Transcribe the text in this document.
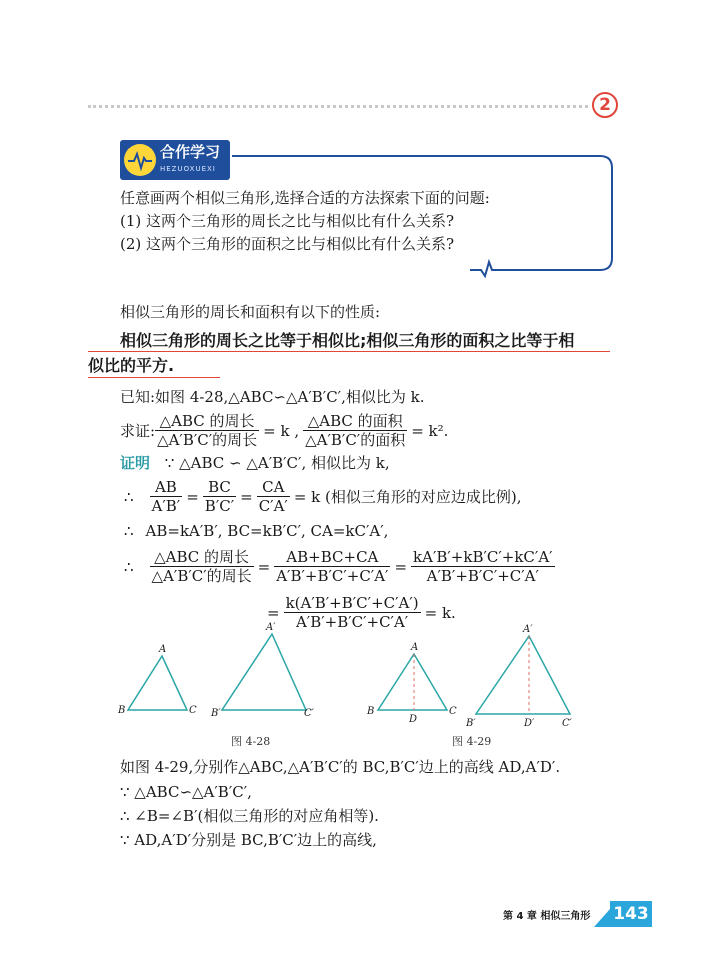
2
合作学习
HEZUOXUEXI
任意画两个相似三角形,选择合适的方法探索下面的问题:
(1) 这两个三角形的周长之比与相似比有什么关系?
(2) 这两个三角形的面积之比与相似比有什么关系?
相似三角形的周长和面积有以下的性质:
相似三角形的周长之比等于相似比;相似三角形的面积之比等于相
似比的平方.
已知:如图 4-28,△ABC∽△A′B′C′,相似比为 k.
求证: $\frac{\text{△ABC 的周长}}{\text{△A′B′C′的周长}} = k$ , $\frac{\text{△ABC 的面积}}{\text{△A′B′C′的面积}} = k^2$.
证明 ∵ △ABC ∽ △A′B′C′, 相似比为 k,
∴ $\frac{AB}{A'B'} = \frac{BC}{B'C'} = \frac{CA}{C'A'} = k$ (相似三角形的对应边成比例),
∴ AB=kA′B′, BC=kB′C′, CA=kC′A′,
∴ $\frac{\text{△ABC 的周长}}{\text{△A′B′C′的周长}} = \frac{AB+BC+CA}{A'B'+B'C'+C'A'} = \frac{kA'B'+kB'C'+kC'A'}{A'B'+B'C'+C'A'}$
= $\frac{k(A'B'+B'C'+C'A')}{A'B'+B'C'+C'A'} = k$.
A
B	C
A′
B′	C′
A
B
D
C
A′
B′	D′	C′
图 4-28	图 4-29
如图 4-29,分别作△ABC,△A′B′C′的 BC,B′C′边上的高线 AD,A′D′.
∵ △ABC∽△A′B′C′,
∴ ∠B=∠B′(相似三角形的对应角相等).
∵ AD,A′D′分别是 BC,B′C′边上的高线,
第 4 章 相似三角形 143
